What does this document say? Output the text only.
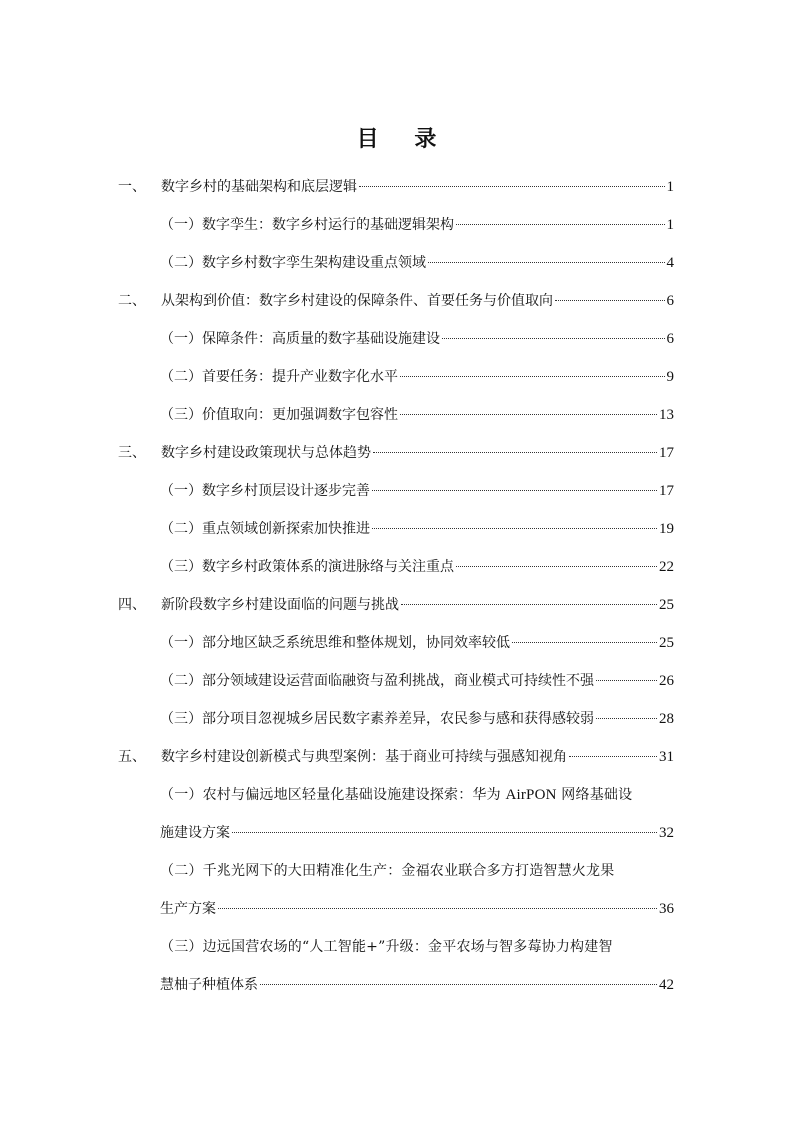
目 录
一、 数字乡村的基础架构和底层逻辑	1
（一）数字孪生：数字乡村运行的基础逻辑架构	1
（二）数字乡村数字孪生架构建设重点领域	4
二、 从架构到价值：数字乡村建设的保障条件、首要任务与价值取向	6
（一）保障条件：高质量的数字基础设施建设	6
（二）首要任务：提升产业数字化水平	9
（三）价值取向：更加强调数字包容性	13
三、 数字乡村建设政策现状与总体趋势	17
（一）数字乡村顶层设计逐步完善	17
（二）重点领域创新探索加快推进	19
（三）数字乡村政策体系的演进脉络与关注重点	22
四、 新阶段数字乡村建设面临的问题与挑战	25
（一）部分地区缺乏系统思维和整体规划，协同效率较低	25
（二）部分领域建设运营面临融资与盈利挑战，商业模式可持续性不强	26
（三）部分项目忽视城乡居民数字素养差异，农民参与感和获得感较弱	28
五、 数字乡村建设创新模式与典型案例：基于商业可持续与强感知视角	31
（一）农村与偏远地区轻量化基础设施建设探索：华为 AirPON 网络基础设
施建设方案	32
（二）千兆光网下的大田精准化生产：金福农业联合多方打造智慧火龙果
生产方案	36
（三）边远国营农场的“人工智能+”升级：金平农场与智多莓协力构建智
慧柚子种植体系	42
